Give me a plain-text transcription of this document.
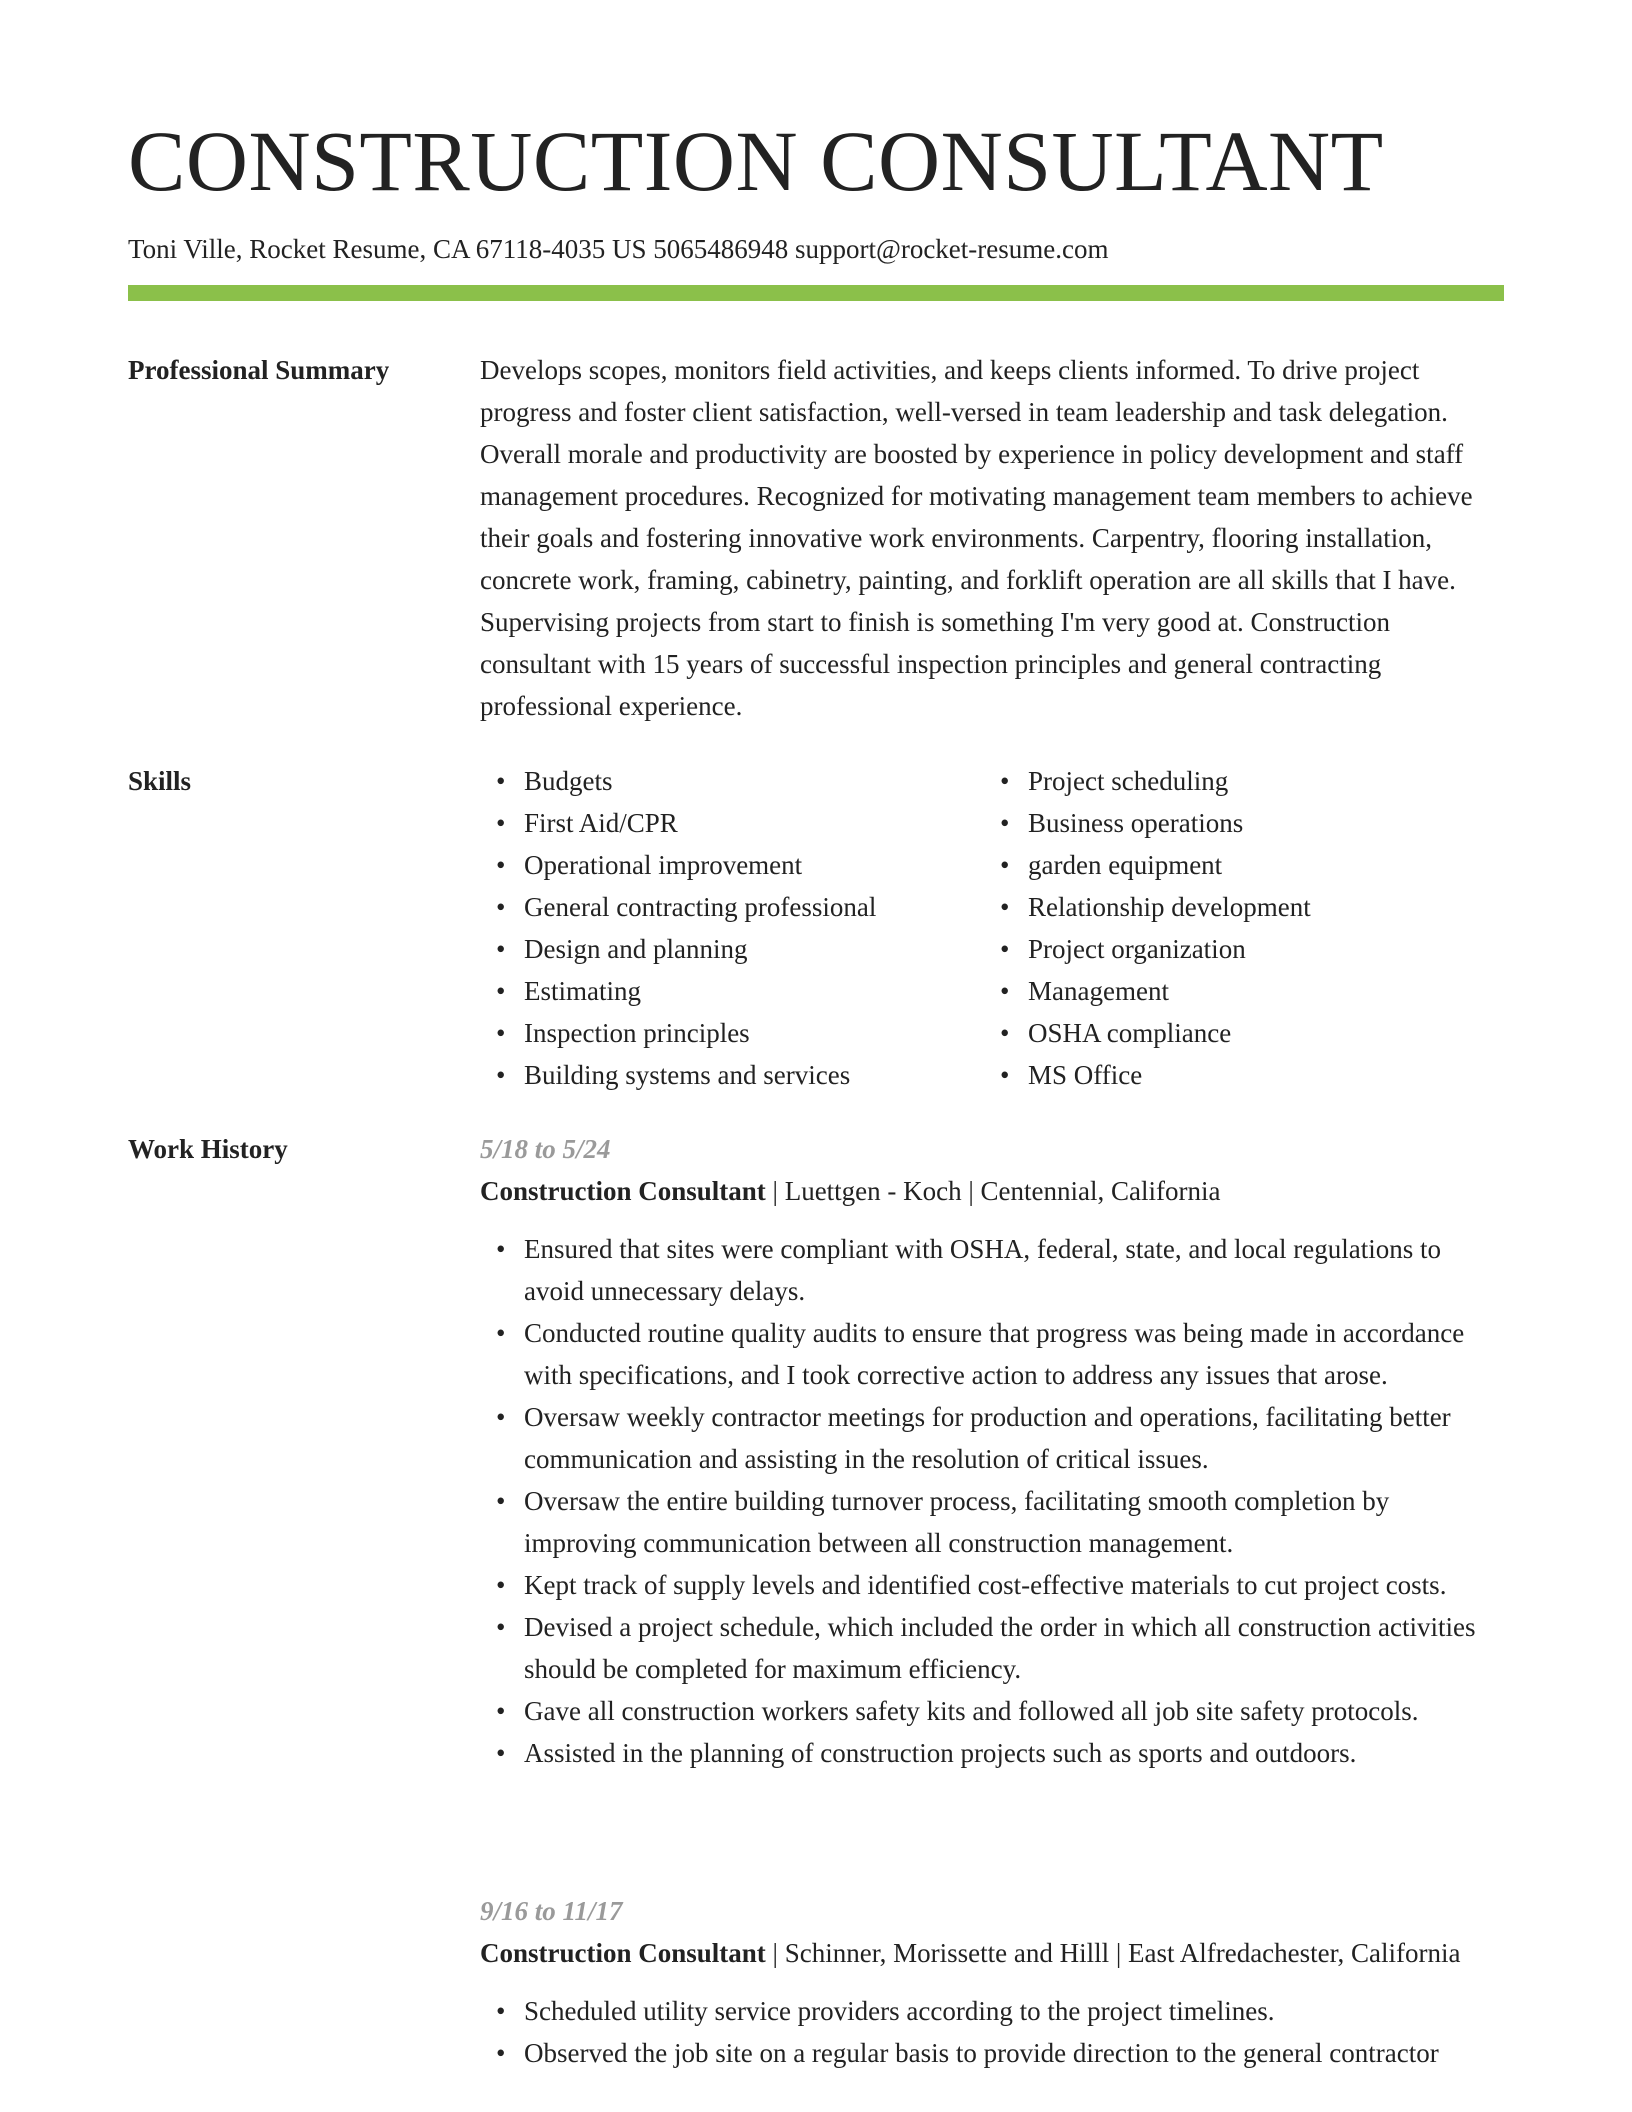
CONSTRUCTION CONSULTANT
Toni Ville, Rocket Resume, CA 67118-4035 US 5065486948 support@rocket-resume.com
Professional Summary	Develops scopes, monitors field activities, and keeps clients informed. To drive project progress and foster client satisfaction, well-versed in team leadership and task delegation. Overall morale and productivity are boosted by experience in policy development and staff management procedures. Recognized for motivating management team members to achieve their goals and fostering innovative work environments. Carpentry, flooring installation, concrete work, framing, cabinetry, painting, and forklift operation are all skills that I have. Supervising projects from start to finish is something I'm very good at. Construction consultant with 15 years of successful inspection principles and general contracting professional experience.

Skills	• Budgets
• First Aid/CPR
• Operational improvement
• General contracting professional
• Design and planning
• Estimating
• Inspection principles
• Building systems and services
• Project scheduling
• Business operations
• garden equipment
• Relationship development
• Project organization
• Management
• OSHA compliance
• MS Office
Work History	5/18 to 5/24

Construction Consultant | Luettgen - Koch | Centennial, California

• Ensured that sites were compliant with OSHA, federal, state, and local regulations to avoid unnecessary delays.
• Conducted routine quality audits to ensure that progress was being made in accordance with specifications, and I took corrective action to address any issues that arose.
• Oversaw weekly contractor meetings for production and operations, facilitating better communication and assisting in the resolution of critical issues.
• Oversaw the entire building turnover process, facilitating smooth completion by improving communication between all construction management.
• Kept track of supply levels and identified cost-effective materials to cut project costs.
• Devised a project schedule, which included the order in which all construction activities should be completed for maximum efficiency.
• Gave all construction workers safety kits and followed all job site safety protocols.
• Assisted in the planning of construction projects such as sports and outdoors.
9/16 to 11/17

Construction Consultant | Schinner, Morissette and Hilll | East Alfredachester, California

• Scheduled utility service providers according to the project timelines.
• Observed the job site on a regular basis to provide direction to the general contractor
